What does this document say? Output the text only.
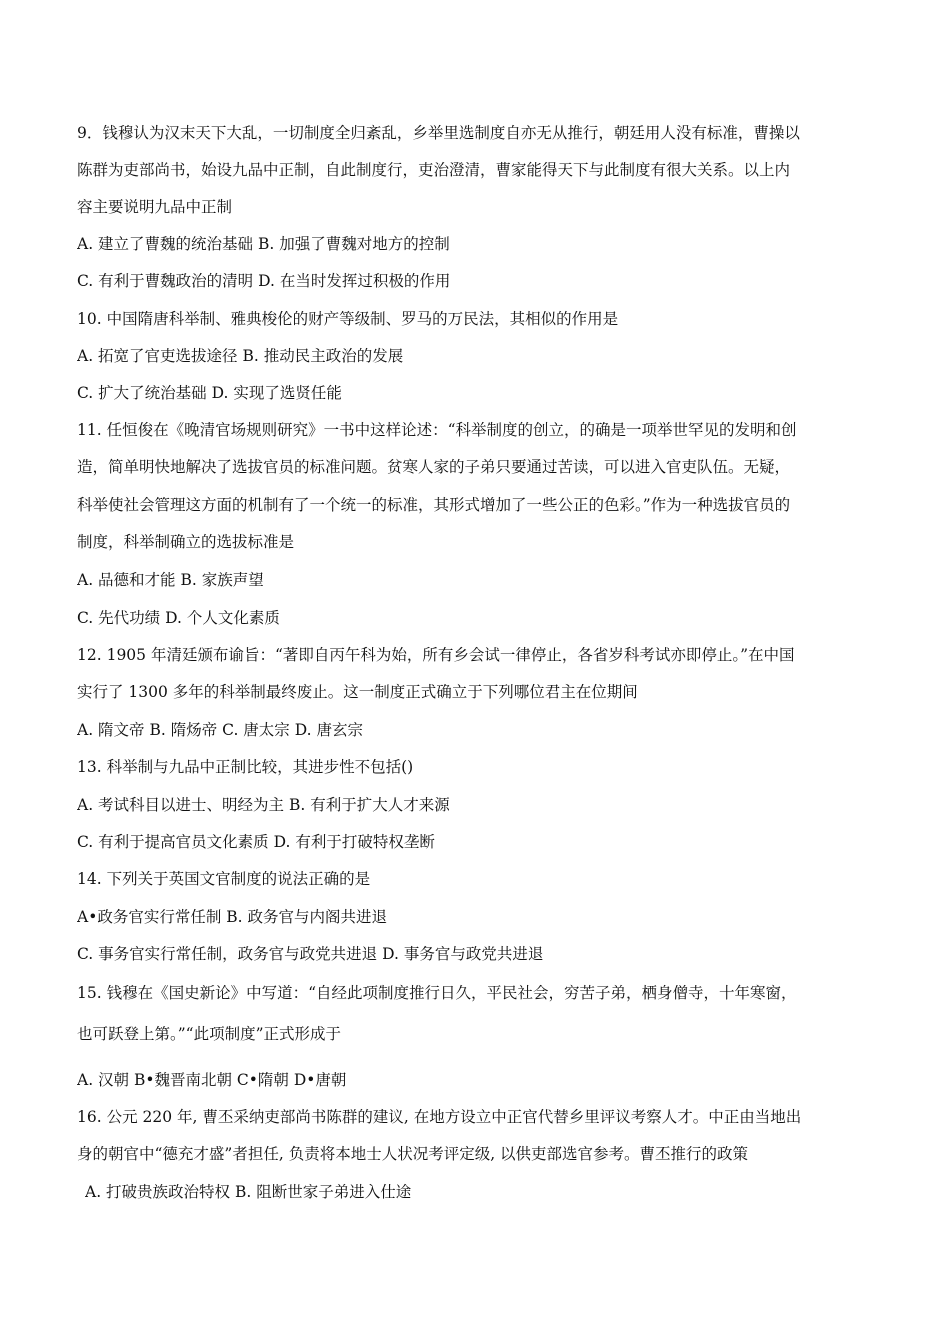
9．钱穆认为汉末天下大乱，一切制度全归紊乱，乡举里选制度自亦无从推行，朝廷用人没有标准，曹操以
陈群为吏部尚书，始设九品中正制，自此制度行，吏治澄清，曹家能得天下与此制度有很大关系。以上内
容主要说明九品中正制
A. 建立了曹魏的统治基础 B. 加强了曹魏对地方的控制
C. 有利于曹魏政治的清明 D. 在当时发挥过积极的作用
10. 中国隋唐科举制、雅典梭伦的财产等级制、罗马的万民法，其相似的作用是
A. 拓宽了官吏选拔途径 B. 推动民主政治的发展
C. 扩大了统治基础 D. 实现了选贤任能
11. 任恒俊在《晚清官场规则研究》一书中这样论述：“科举制度的创立，的确是一项举世罕见的发明和创
造，简单明快地解决了选拔官员的标准问题。贫寒人家的子弟只要通过苦读，可以进入官吏队伍。无疑，
科举使社会管理这方面的机制有了一个统一的标准，其形式增加了一些公正的色彩。”作为一种选拔官员的
制度，科举制确立的选拔标准是
A. 品德和才能 B. 家族声望
C. 先代功绩 D. 个人文化素质
12. 1905 年清廷颁布谕旨：“著即自丙午科为始，所有乡会试一律停止，各省岁科考试亦即停止。”在中国
实行了 1300 多年的科举制最终废止。这一制度正式确立于下列哪位君主在位期间
A. 隋文帝 B. 隋炀帝 C. 唐太宗 D. 唐玄宗
13. 科举制与九品中正制比较，其进步性不包括()
A. 考试科目以进士、明经为主 B. 有利于扩大人才来源
C. 有利于提高官员文化素质 D. 有利于打破特权垄断
14. 下列关于英国文官制度的说法正确的是
A•政务官实行常任制 B. 政务官与内阁共进退
C. 事务官实行常任制，政务官与政党共进退 D. 事务官与政党共进退
15. 钱穆在《国史新论》中写道：“自经此项制度推行日久，平民社会，穷苦子弟，栖身僧寺，十年寒窗，
也可跃登上第。”“此项制度”正式形成于
A. 汉朝 B•魏晋南北朝 C•隋朝 D•唐朝
16. 公元 220 年, 曹丕采纳吏部尚书陈群的建议, 在地方设立中正官代替乡里评议考察人才。中正由当地出
身的朝官中“德充才盛”者担任, 负责将本地士人状况考评定级, 以供吏部选官参考。曹丕推行的政策
A. 打破贵族政治特权 B. 阻断世家子弟进入仕途
